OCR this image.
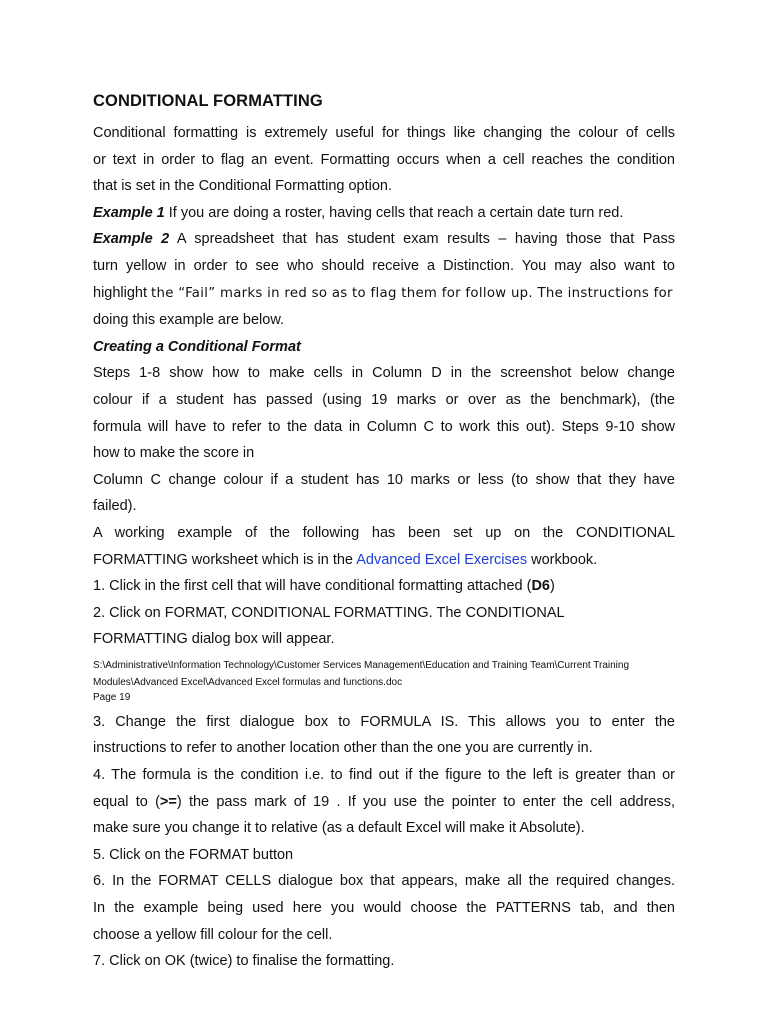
CONDITIONAL FORMATTING

Conditional formatting is extremely useful for things like changing the colour of cells

or text in order to flag an event. Formatting occurs when a cell reaches the condition

that is set in the Conditional Formatting option.

Example 1 If you are doing a roster, having cells that reach a certain date turn red.

Example 2 A spreadsheet that has student exam results – having those that Pass

turn yellow in order to see who should receive a Distinction. You may also want to

highlight the “Fail” marks in red so as to flag them for follow up. The instructions for

doing this example are below.

Creating a Conditional Format

Steps 1-8 show how to make cells in Column D in the screenshot below change

colour if a student has passed (using 19 marks or over as the benchmark), (the

formula will have to refer to the data in Column C to work this out). Steps 9-10 show

how to make the score in

Column C change colour if a student has 10 marks or less (to show that they have

failed).

A working example of the following has been set up on the CONDITIONAL

FORMATTING worksheet which is in the Advanced Excel Exercises workbook.

1. Click in the first cell that will have conditional formatting attached (D6)

2. Click on FORMAT, CONDITIONAL FORMATTING. The CONDITIONAL

FORMATTING dialog box will appear.

S:\Administrative\Information Technology\Customer Services Management\Education and Training Team\Current Training
Modules\Advanced Excel\Advanced Excel formulas and functions.doc

Page 19

3. Change the first dialogue box to FORMULA IS. This allows you to enter the

instructions to refer to another location other than the one you are currently in.

4. The formula is the condition i.e. to find out if the figure to the left is greater than or

equal to (>=) the pass mark of 19 . If you use the pointer to enter the cell address,

make sure you change it to relative (as a default Excel will make it Absolute).

5. Click on the FORMAT button

6. In the FORMAT CELLS dialogue box that appears, make all the required changes.

In the example being used here you would choose the PATTERNS tab, and then

choose a yellow fill colour for the cell.

7. Click on OK (twice) to finalise the formatting.
